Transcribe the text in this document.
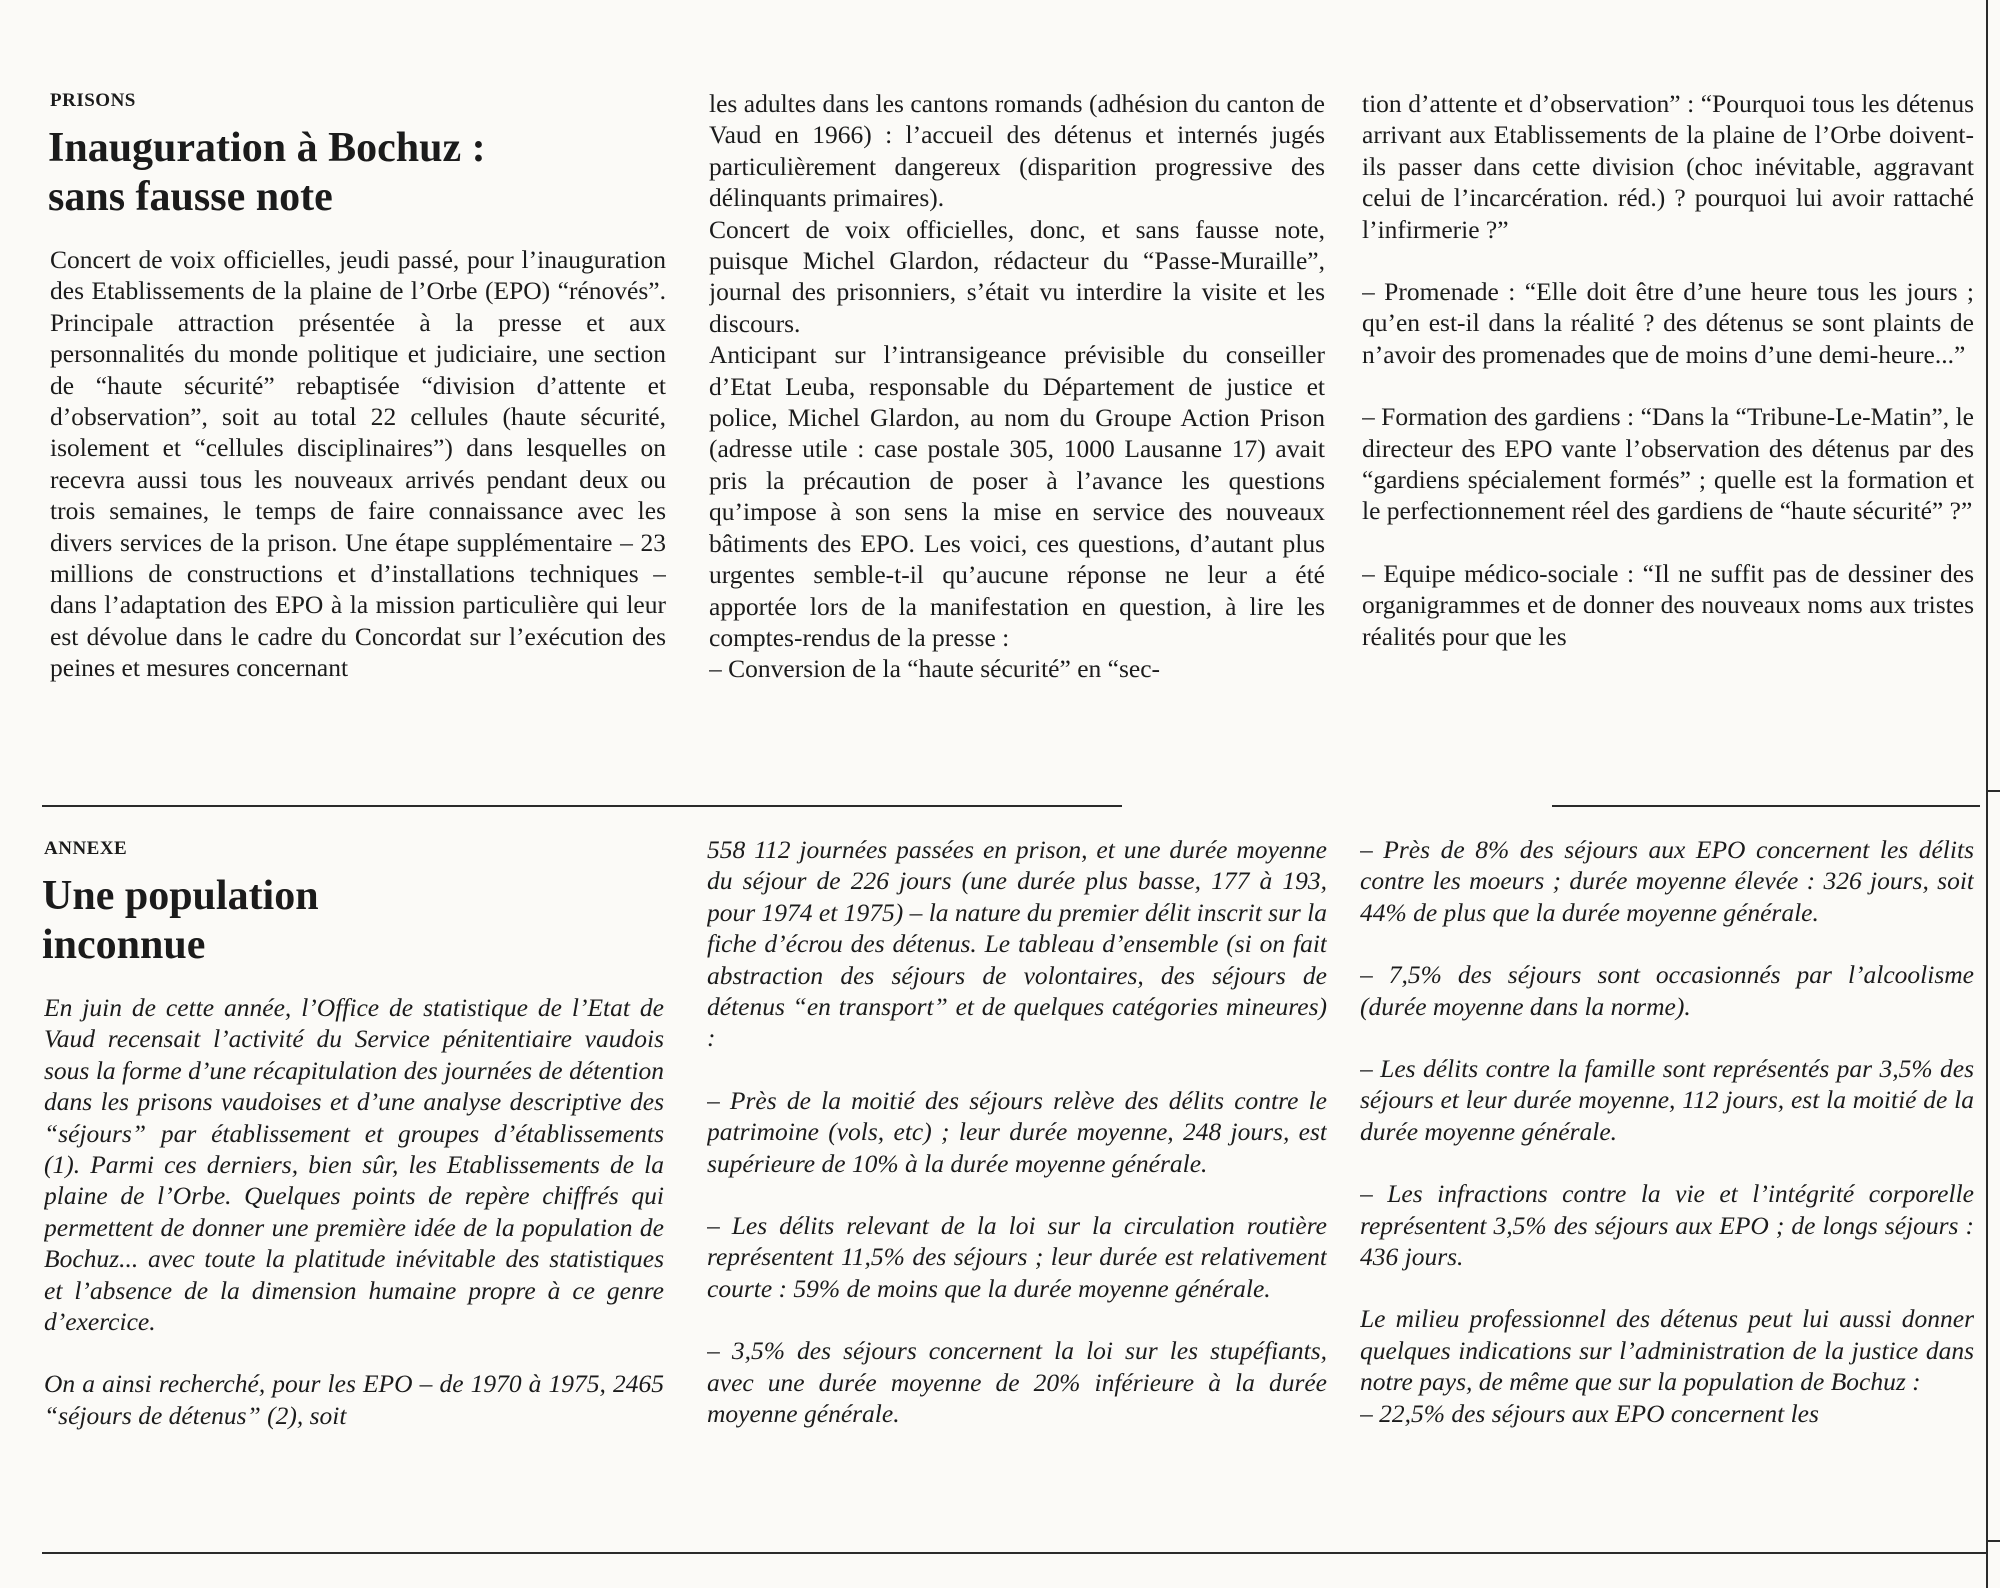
PRISONS
Inauguration à Bochuz :
sans fausse note

Concert de voix officielles, jeudi passé, pour l’inauguration des Etablissements de la plaine de l’Orbe (EPO) “rénovés”. Principale attraction présentée à la presse et aux personnalités du monde politique et judiciaire, une section de “haute sécurité” rebaptisée “division d’attente et d’observation”, soit au total 22 cellules (haute sécurité, isolement et “cellules disciplinaires”) dans lesquelles on recevra aussi tous les nouveaux arrivés pendant deux ou trois semaines, le temps de faire connaissance avec les divers services de la prison. Une étape supplémentaire – 23 millions de constructions et d’installations techniques – dans l’adaptation des EPO à la mission particulière qui leur est dévolue dans le cadre du Concordat sur l’exécution des peines et mesures concernant

les adultes dans les cantons romands (adhésion du canton de Vaud en 1966) : l’accueil des détenus et internés jugés particulièrement dangereux (disparition progressive des délinquants primaires).

Concert de voix officielles, donc, et sans fausse note, puisque Michel Glardon, rédacteur du “Passe-Muraille”, journal des prisonniers, s’était vu interdire la visite et les discours.

Anticipant sur l’intransigeance prévisible du conseiller d’Etat Leuba, responsable du Département de justice et police, Michel Glardon, au nom du Groupe Action Prison (adresse utile : case postale 305, 1000 Lausanne 17) avait pris la précaution de poser à l’avance les questions qu’impose à son sens la mise en service des nouveaux bâtiments des EPO. Les voici, ces questions, d’autant plus urgentes semble-t-il qu’aucune réponse ne leur a été apportée lors de la manifestation en question, à lire les comptes-rendus de la presse :

– Conversion de la “haute sécurité” en “sec-

tion d’attente et d’observation” : “Pourquoi tous les détenus arrivant aux Etablissements de la plaine de l’Orbe doivent-ils passer dans cette division (choc inévitable, aggravant celui de l’incarcération. réd.) ? pourquoi lui avoir rattaché l’infirmerie ?”

– Promenade : “Elle doit être d’une heure tous les jours ; qu’en est-il dans la réalité ? des détenus se sont plaints de n’avoir des promenades que de moins d’une demi-heure...”

– Formation des gardiens : “Dans la “Tribune-Le-Matin”, le directeur des EPO vante l’observation des détenus par des “gardiens spécialement formés” ; quelle est la formation et le perfectionnement réel des gardiens de “haute sécurité” ?”

– Equipe médico-sociale : “Il ne suffit pas de dessiner des organigrammes et de donner des nouveaux noms aux tristes réalités pour que les

ANNEXE
Une population
inconnue

En juin de cette année, l’Office de statistique de l’Etat de Vaud recensait l’activité du Service pénitentiaire vaudois sous la forme d’une récapitulation des journées de détention dans les prisons vaudoises et d’une analyse descriptive des “séjours” par établissement et groupes d’établissements (1). Parmi ces derniers, bien sûr, les Etablissements de la plaine de l’Orbe. Quelques points de repère chiffrés qui permettent de donner une première idée de la population de Bochuz... avec toute la platitude inévitable des statistiques et l’absence de la dimension humaine propre à ce genre d’exercice.

On a ainsi recherché, pour les EPO – de 1970 à 1975, 2465 “séjours de détenus” (2), soit

558 112 journées passées en prison, et une durée moyenne du séjour de 226 jours (une durée plus basse, 177 à 193, pour 1974 et 1975) – la nature du premier délit inscrit sur la fiche d’écrou des détenus. Le tableau d’ensemble (si on fait abstraction des séjours de volontaires, des séjours de détenus “en transport” et de quelques catégories mineures) :

– Près de la moitié des séjours relève des délits contre le patrimoine (vols, etc) ; leur durée moyenne, 248 jours, est supérieure de 10% à la durée moyenne générale.

– Les délits relevant de la loi sur la circulation routière représentent 11,5% des séjours ; leur durée est relativement courte : 59% de moins que la durée moyenne générale.

– 3,5% des séjours concernent la loi sur les stupéfiants, avec une durée moyenne de 20% inférieure à la durée moyenne générale.

– Près de 8% des séjours aux EPO concernent les délits contre les moeurs ; durée moyenne élevée : 326 jours, soit 44% de plus que la durée moyenne générale.

– 7,5% des séjours sont occasionnés par l’alcoolisme (durée moyenne dans la norme).

– Les délits contre la famille sont représentés par 3,5% des séjours et leur durée moyenne, 112 jours, est la moitié de la durée moyenne générale.

– Les infractions contre la vie et l’intégrité corporelle représentent 3,5% des séjours aux EPO ; de longs séjours : 436 jours.

Le milieu professionnel des détenus peut lui aussi donner quelques indications sur l’administration de la justice dans notre pays, de même que sur la population de Bochuz :

– 22,5% des séjours aux EPO concernent les
